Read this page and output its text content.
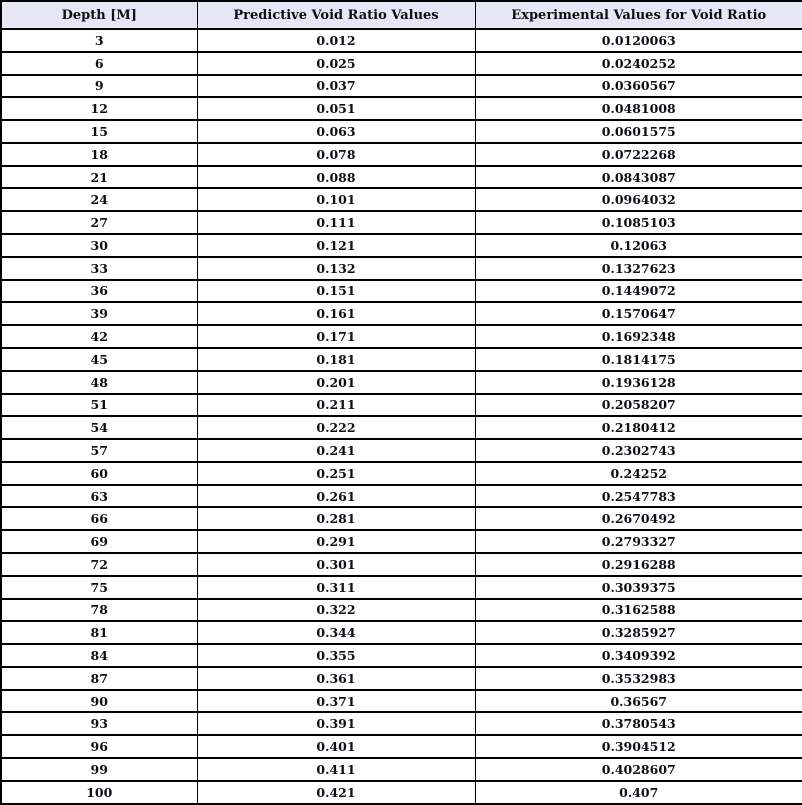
Depth [M]	Predictive Void Ratio Values	Experimental Values for Void Ratio
3	0.012	0.0120063
6	0.025	0.0240252
9	0.037	0.0360567
12	0.051	0.0481008
15	0.063	0.0601575
18	0.078	0.0722268
21	0.088	0.0843087
24	0.101	0.0964032
27	0.111	0.1085103
30	0.121	0.12063
33	0.132	0.1327623
36	0.151	0.1449072
39	0.161	0.1570647
42	0.171	0.1692348
45	0.181	0.1814175
48	0.201	0.1936128
51	0.211	0.2058207
54	0.222	0.2180412
57	0.241	0.2302743
60	0.251	0.24252
63	0.261	0.2547783
66	0.281	0.2670492
69	0.291	0.2793327
72	0.301	0.2916288
75	0.311	0.3039375
78	0.322	0.3162588
81	0.344	0.3285927
84	0.355	0.3409392
87	0.361	0.3532983
90	0.371	0.36567
93	0.391	0.3780543
96	0.401	0.3904512
99	0.411	0.4028607
100	0.421	0.407
